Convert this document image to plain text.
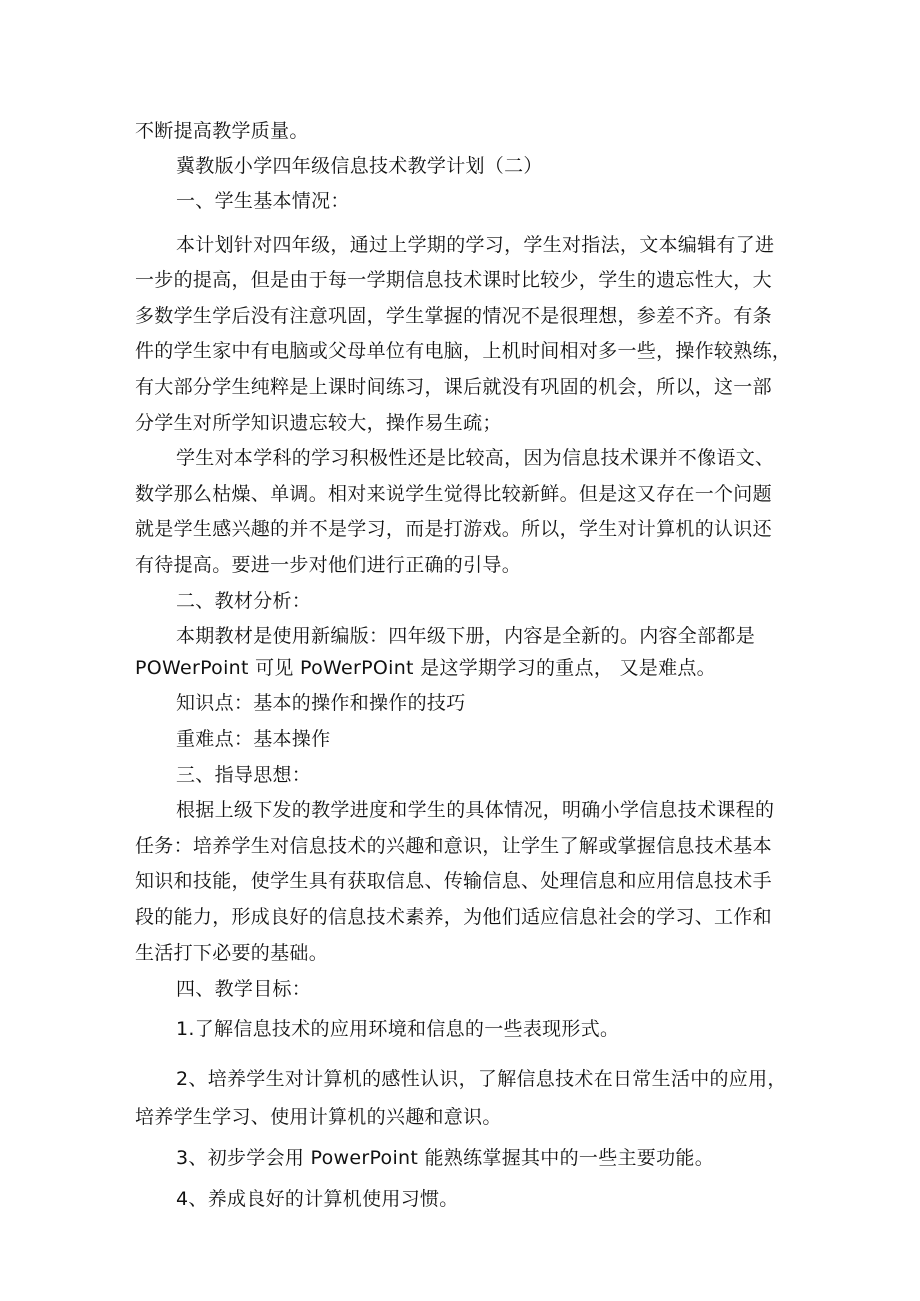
不断提高教学质量。
冀教版小学四年级信息技术教学计划（二）
一、学生基本情况：
本计划针对四年级，通过上学期的学习，学生对指法，文本编辑有了进
一步的提高，但是由于每一学期信息技术课时比较少，学生的遗忘性大，大
多数学生学后没有注意巩固，学生掌握的情况不是很理想，参差不齐。有条
件的学生家中有电脑或父母单位有电脑，上机时间相对多一些，操作较熟练，
有大部分学生纯粹是上课时间练习，课后就没有巩固的机会，所以，这一部
分学生对所学知识遗忘较大，操作易生疏；
学生对本学科的学习积极性还是比较高，因为信息技术课并不像语文、
数学那么枯燥、单调。相对来说学生觉得比较新鲜。但是这又存在一个问题
就是学生感兴趣的并不是学习，而是打游戏。所以，学生对计算机的认识还
有待提高。要进一步对他们进行正确的引导。
二、教材分析：
本期教材是使用新编版：四年级下册，内容是全新的。内容全部都是
POWerPoint 可见 PoWerPOint 是这学期学习的重点， 又是难点。
知识点：基本的操作和操作的技巧
重难点：基本操作
三、指导思想：
根据上级下发的教学进度和学生的具体情况，明确小学信息技术课程的
任务：培养学生对信息技术的兴趣和意识，让学生了解或掌握信息技术基本
知识和技能，使学生具有获取信息、传输信息、处理信息和应用信息技术手
段的能力，形成良好的信息技术素养，为他们适应信息社会的学习、工作和
生活打下必要的基础。
四、教学目标：
1.了解信息技术的应用环境和信息的一些表现形式。
2、培养学生对计算机的感性认识，了解信息技术在日常生活中的应用，
培养学生学习、使用计算机的兴趣和意识。
3、初步学会用 PowerPoint 能熟练掌握其中的一些主要功能。
4、养成良好的计算机使用习惯。
